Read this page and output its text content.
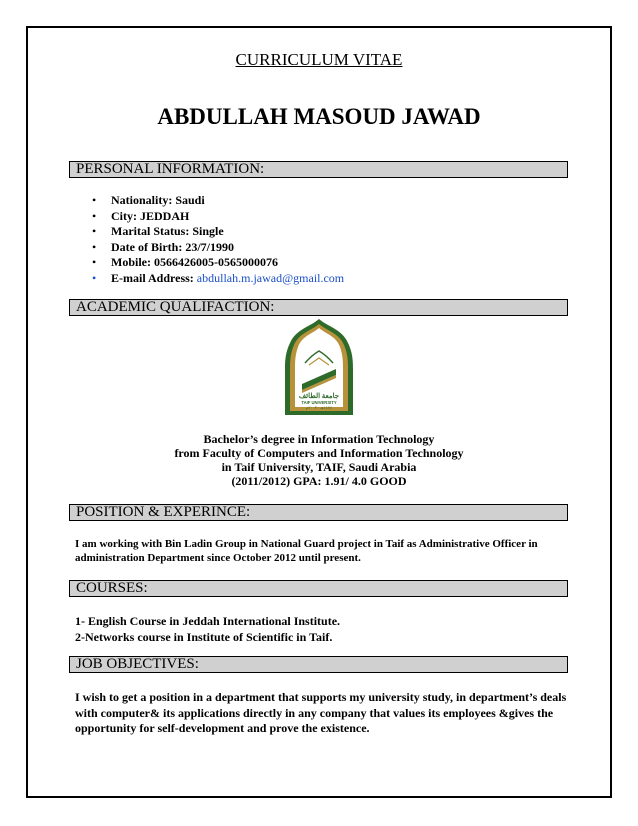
CURRICULUM VITAE
ABDULLAH MASOUD JAWAD
PERSONAL INFORMATION:
• Nationality: Saudi
• City: JEDDAH
• Marital Status: Single
• Date of Birth: 23/7/1990
• Mobile: 0566426005-0565000076
• E-mail Address: abdullah.m.jawad@gmail.com
ACADEMIC QUALIFACTION:
جامعة الطائف
TAIF UNIVERSITY
١٤٢٤هـ - ٢٠٠٣م
Bachelor’s degree in Information Technology
from Faculty of Computers and Information Technology
in Taif University, TAIF, Saudi Arabia
(2011/2012) GPA: 1.91/ 4.0 GOOD
POSITION & EXPERINCE:
I am working with Bin Ladin Group in National Guard project in Taif as Administrative Officer in administration Department since October 2012 until present.
COURSES:
1- English Course in Jeddah International Institute.
2-Networks course in Institute of Scientific in Taif.
JOB OBJECTIVES:
I wish to get a position in a department that supports my university study, in department’s deals with computer& its applications directly in any company that values its employees &gives the opportunity for self-development and prove the existence.
